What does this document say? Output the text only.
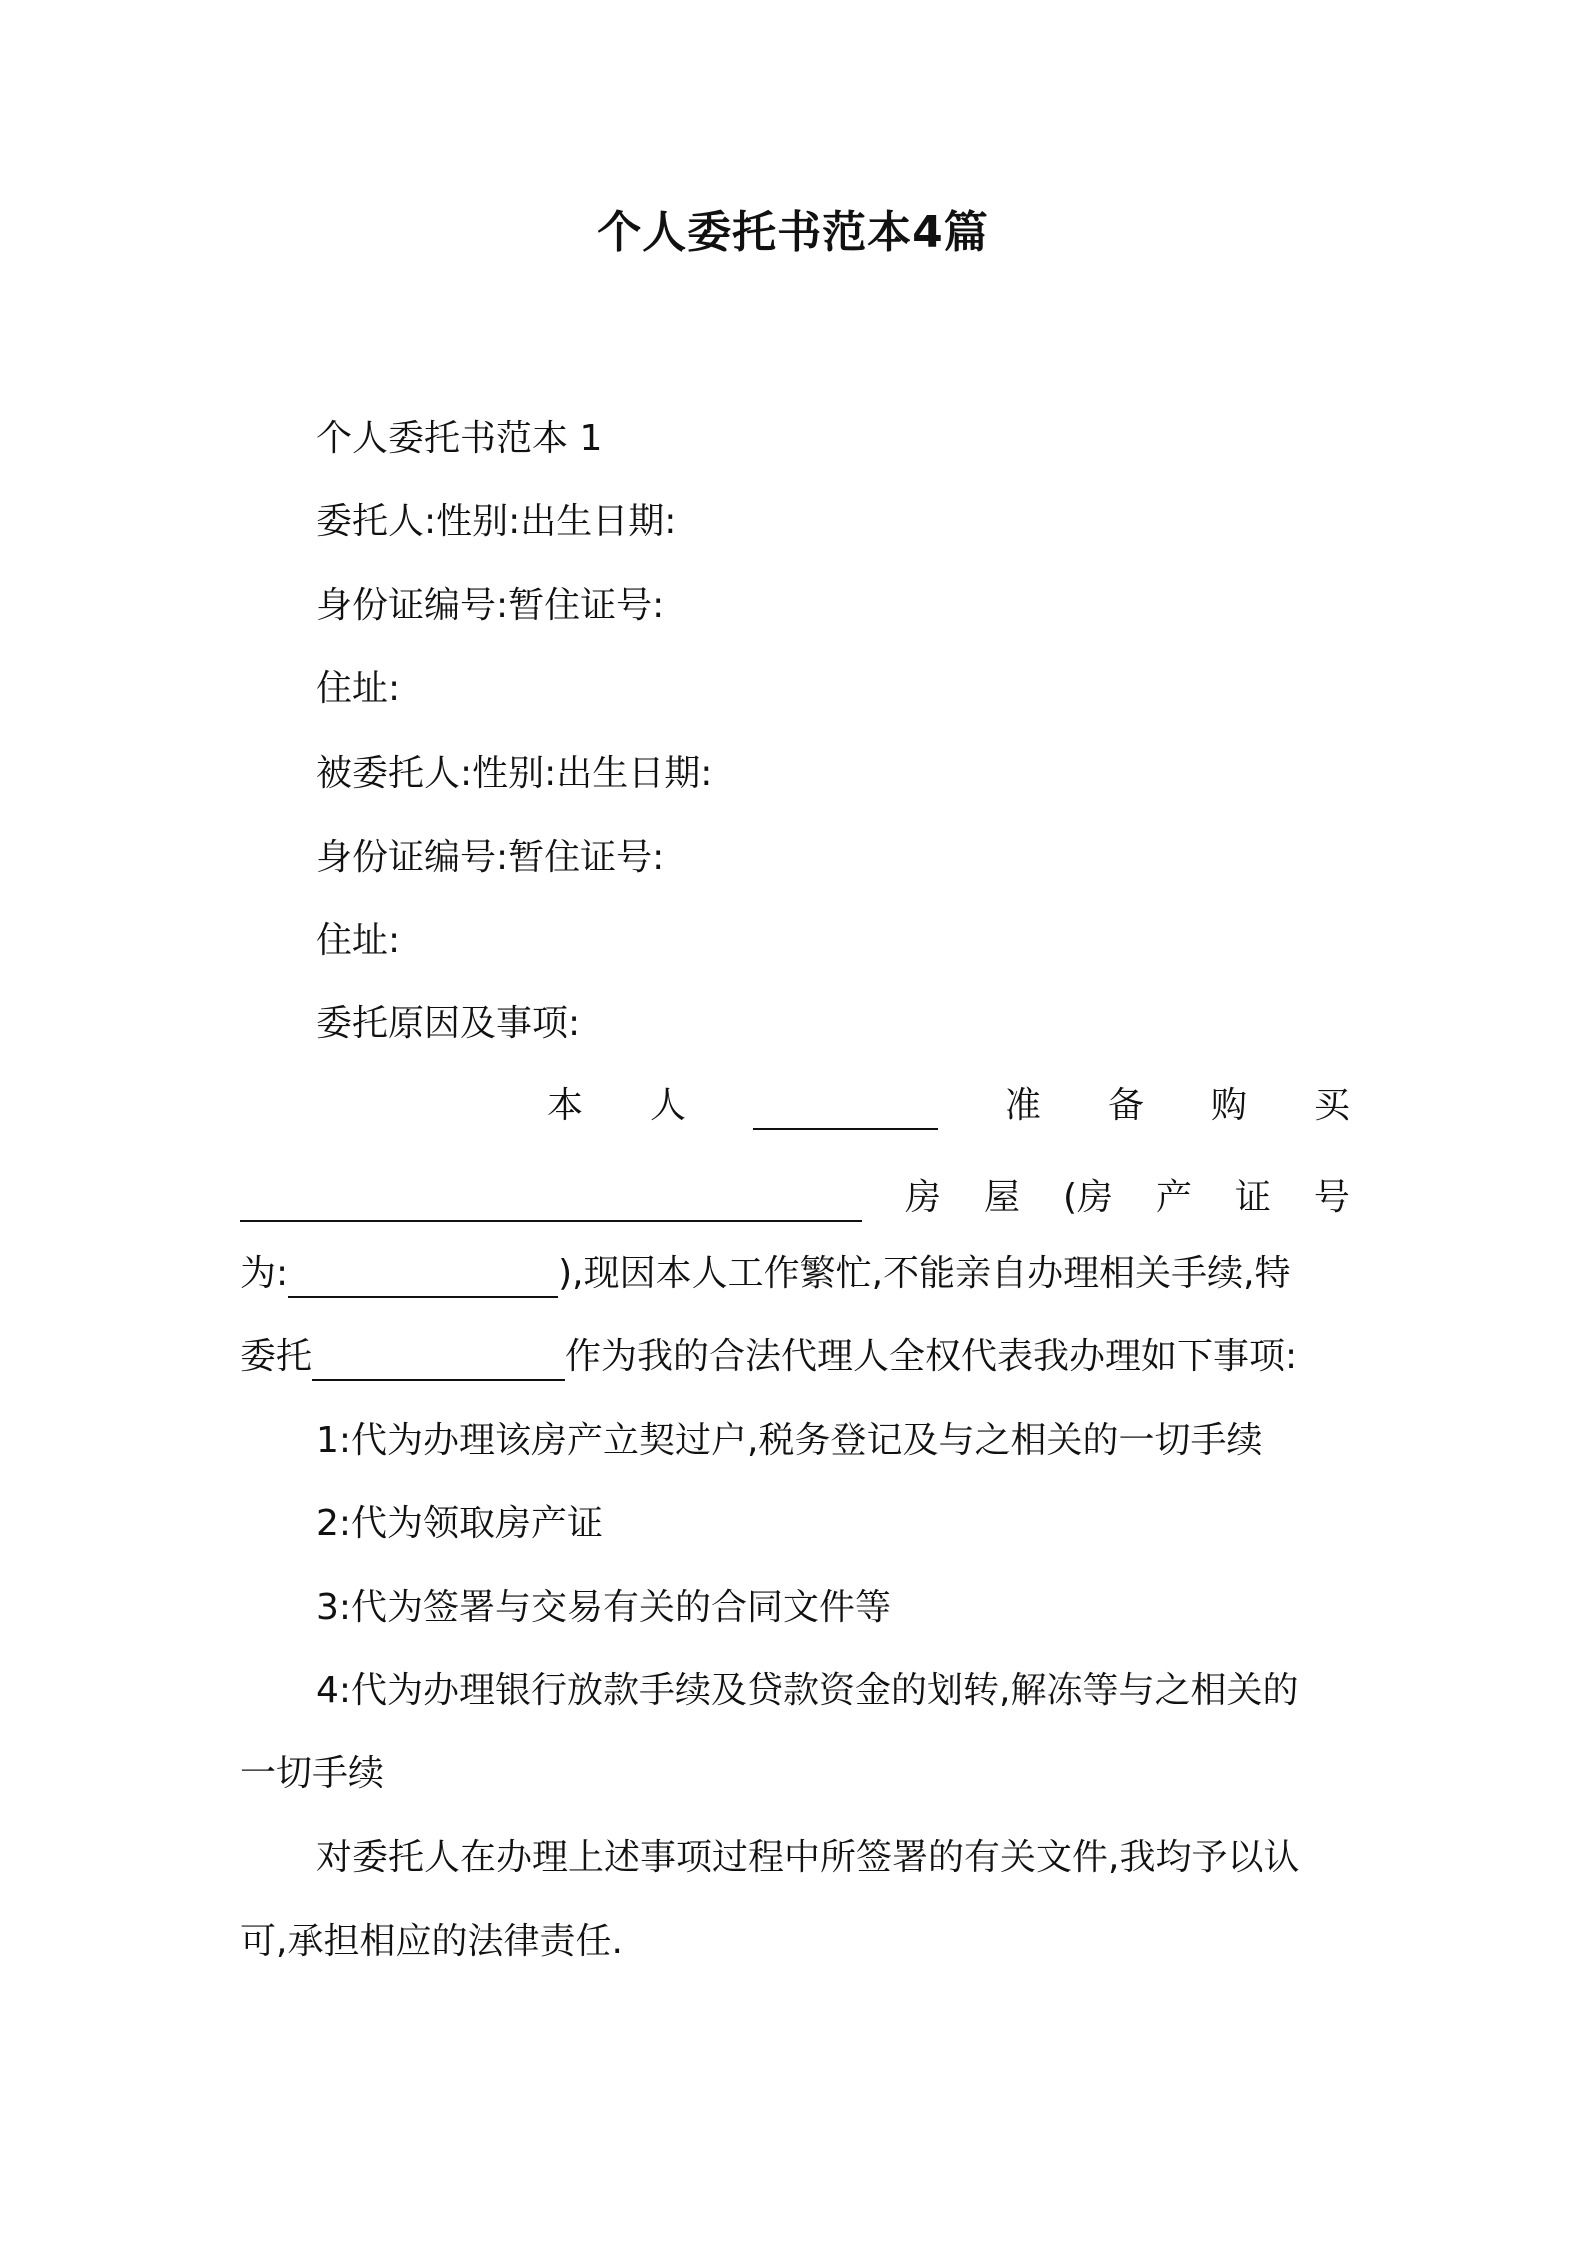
个人委托书范本4篇
个人委托书范本 1
委托人:性别:出生日期:
身份证编号:暂住证号:
住址:
被委托人:性别:出生日期:
身份证编号:暂住证号:
住址:
委托原因及事项:
本 人	准 备 购 买
房 屋 (房 产 证 号
为:	),现因本人工作繁忙,不能亲自办理相关手续,特
委托	作为我的合法代理人全权代表我办理如下事项:
1:代为办理该房产立契过户,税务登记及与之相关的一切手续
2:代为领取房产证
3:代为签署与交易有关的合同文件等
4:代为办理银行放款手续及贷款资金的划转,解冻等与之相关的
一切手续
对委托人在办理上述事项过程中所签署的有关文件,我均予以认
可,承担相应的法律责任.
